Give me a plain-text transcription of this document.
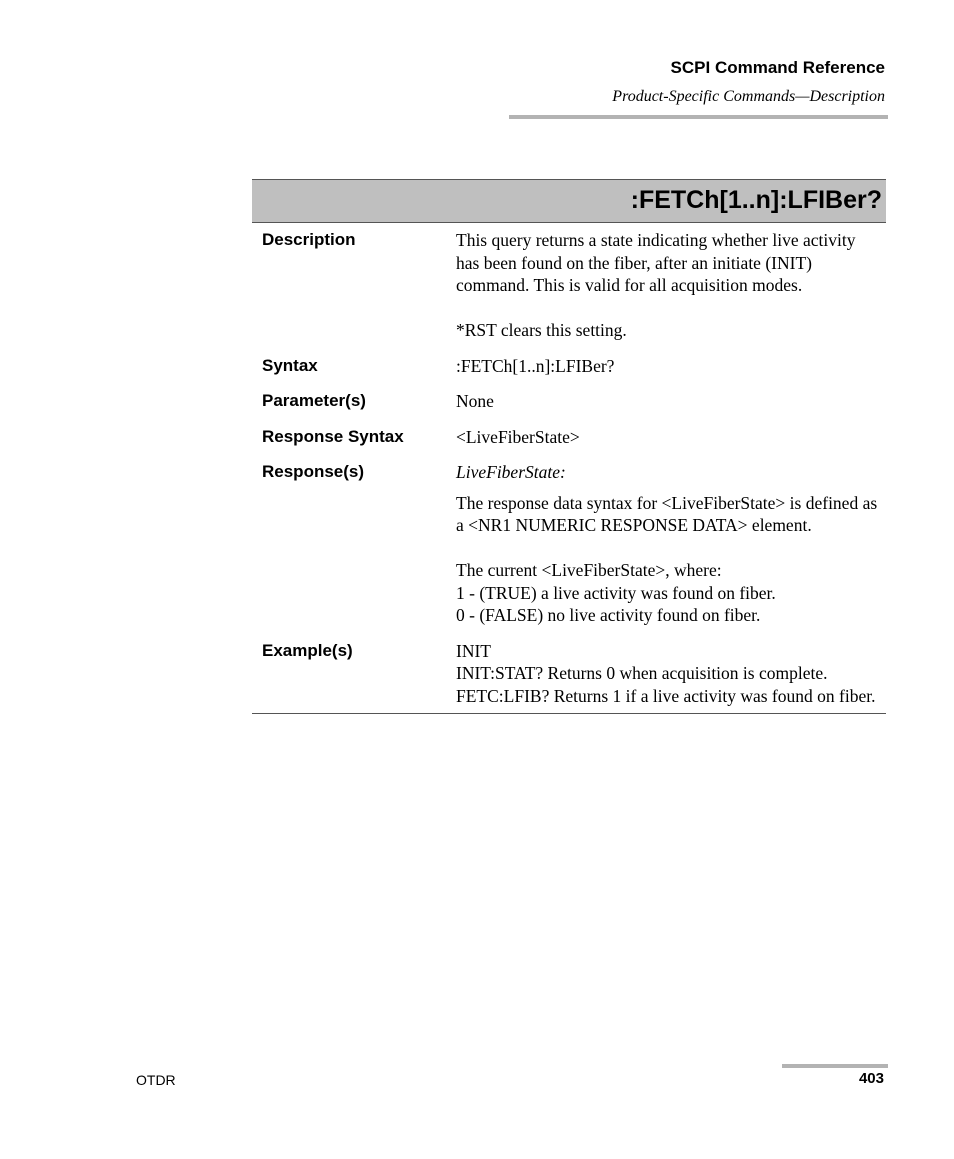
SCPI Command Reference
Product-Specific Commands—Description
:FETCh[1..n]:LFIBer?
Description	This query returns a state indicating whether live activity has been found on the fiber, after an initiate (INIT) command. This is valid for all acquisition modes.

*RST clears this setting.

Syntax	:FETCh[1..n]:LFIBer?
Parameter(s)	None
Response Syntax	<LiveFiberState>
Response(s)	LiveFiberState:

The response data syntax for <LiveFiberState> is defined as a <NR1 NUMERIC RESPONSE DATA> element.

The current <LiveFiberState>, where:

1 - (TRUE) a live activity was found on fiber.

0 - (FALSE) no live activity found on fiber.

Example(s)	INIT

INIT:STAT? Returns 0 when acquisition is complete.

FETC:LFIB? Returns 1 if a live activity was found on fiber.

OTDR	403
